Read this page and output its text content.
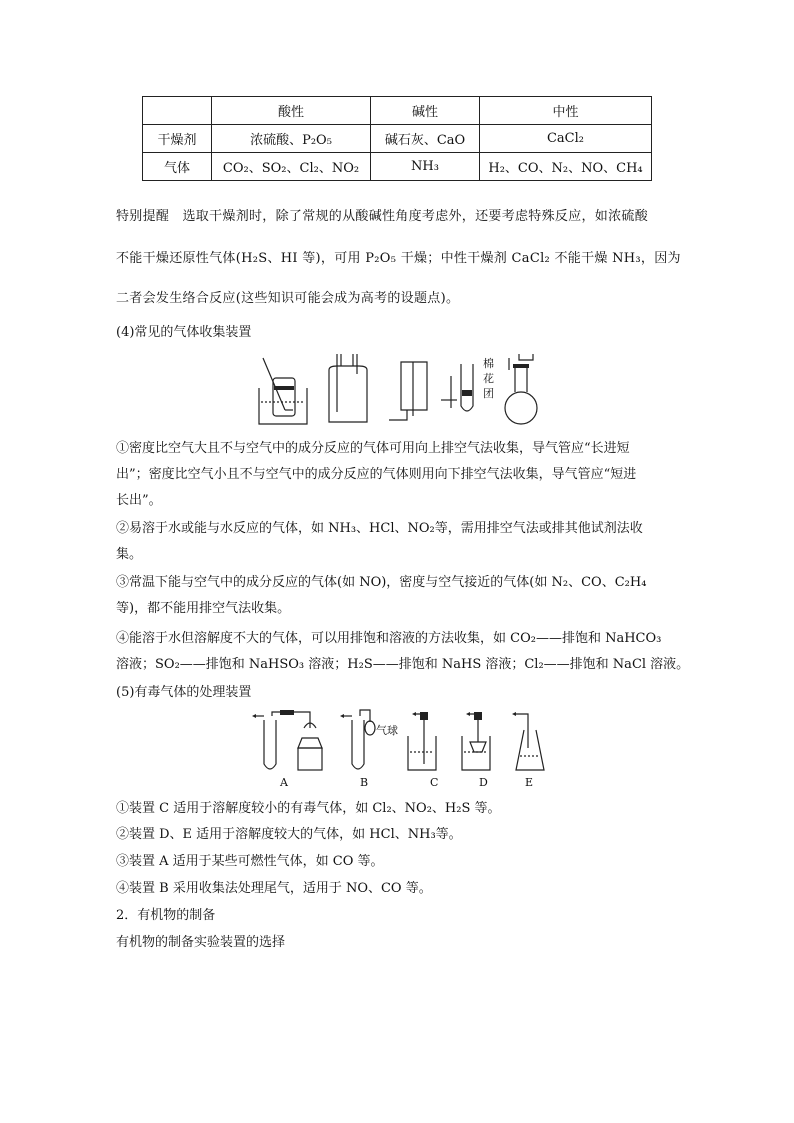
	酸性	碱性	中性
干燥剂	浓硫酸、P₂O₅	碱石灰、CaO	CaCl₂
气体	CO₂、SO₂、Cl₂、NO₂	NH₃	H₂、CO、N₂、NO、CH₄
特别提醒　选取干燥剂时，除了常规的从酸碱性角度考虑外，还要考虑特殊反应，如浓硫酸
不能干燥还原性气体(H₂S、HI 等)，可用 P₂O₅ 干燥；中性干燥剂 CaCl₂ 不能干燥 NH₃，因为
二者会发生络合反应(这些知识可能会成为高考的设题点)。
(4)常见的气体收集装置
棉花团
①密度比空气大且不与空气中的成分反应的气体可用向上排空气法收集，导气管应“长进短
出”；密度比空气小且不与空气中的成分反应的气体则用向下排空气法收集，导气管应“短进
长出”。
②易溶于水或能与水反应的气体，如 NH₃、HCl、NO₂等，需用排空气法或排其他试剂法收
集。
③常温下能与空气中的成分反应的气体(如 NO)，密度与空气接近的气体(如 N₂、CO、C₂H₄
等)，都不能用排空气法收集。
④能溶于水但溶解度不大的气体，可以用排饱和溶液的方法收集，如 CO₂——排饱和 NaHCO₃
溶液；SO₂——排饱和 NaHSO₃ 溶液；H₂S——排饱和 NaHS 溶液；Cl₂——排饱和 NaCl 溶液。
(5)有毒气体的处理装置
气球
A	B	C	D	E
①装置 C 适用于溶解度较小的有毒气体，如 Cl₂、NO₂、H₂S 等。
②装置 D、E 适用于溶解度较大的气体，如 HCl、NH₃等。
③装置 A 适用于某些可燃性气体，如 CO 等。
④装置 B 采用收集法处理尾气，适用于 NO、CO 等。
2．有机物的制备
有机物的制备实验装置的选择
